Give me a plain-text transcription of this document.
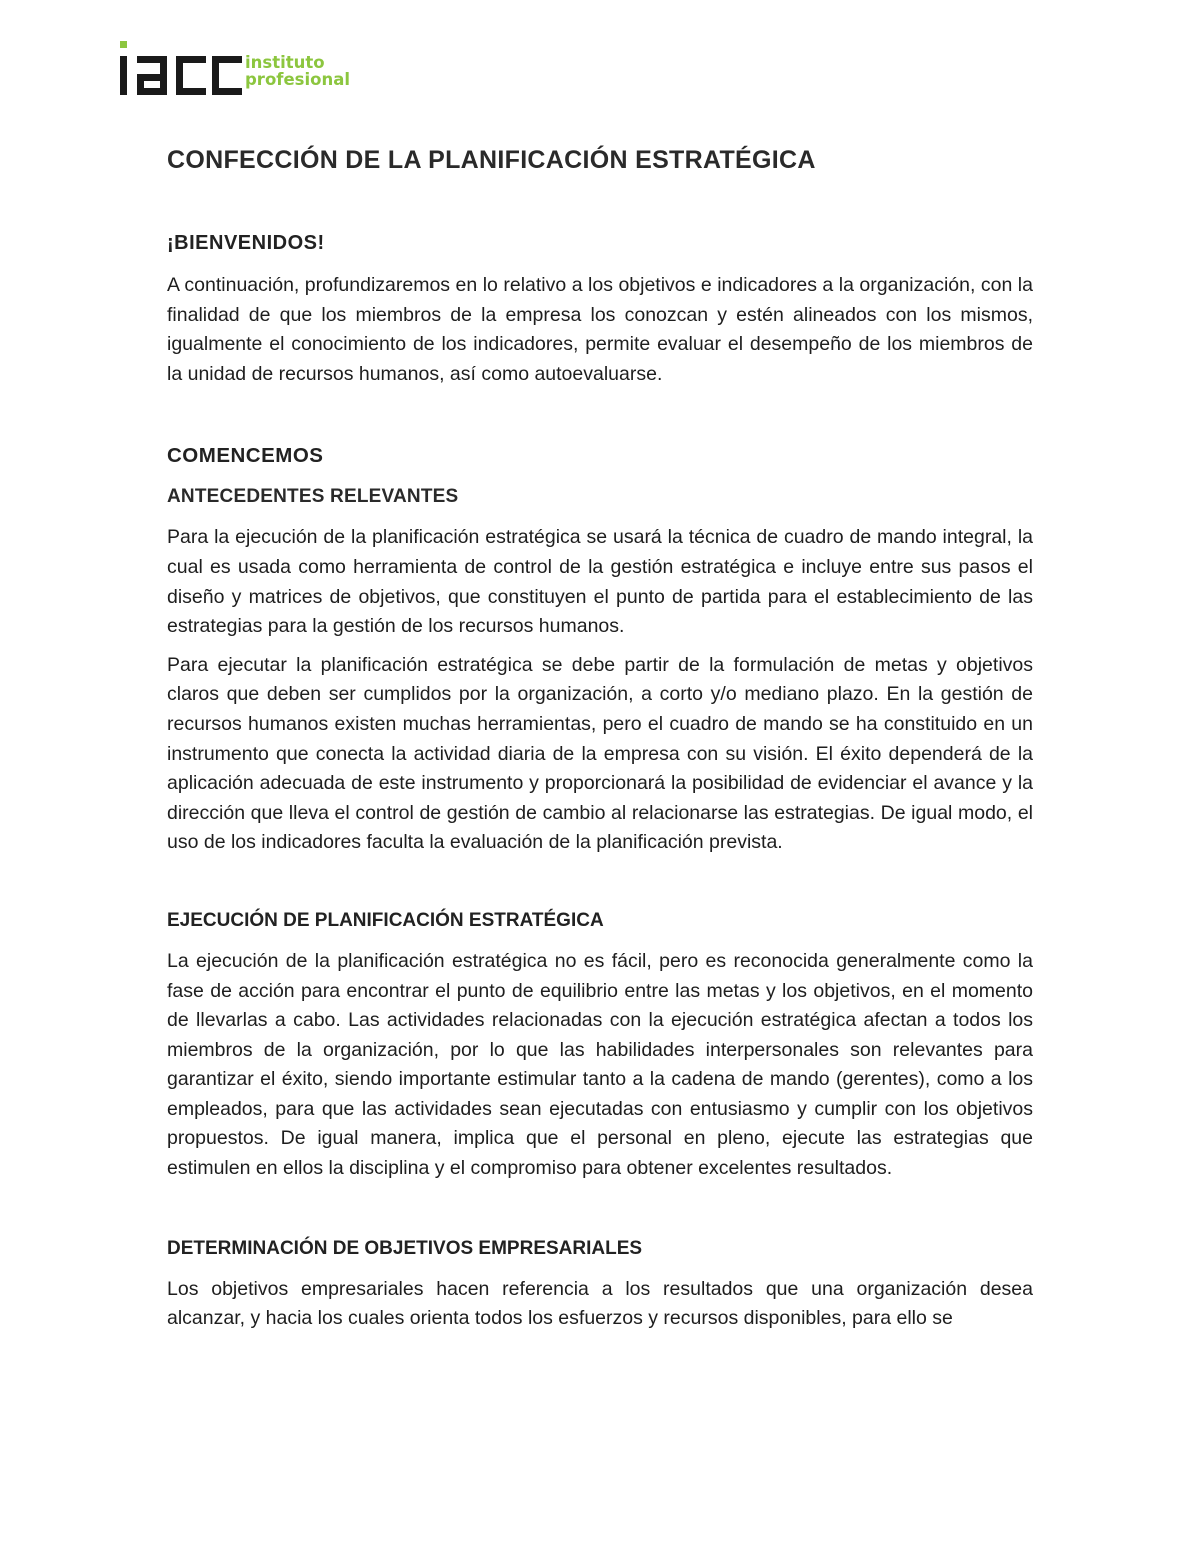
instituto
profesional
CONFECCIÓN DE LA PLANIFICACIÓN ESTRATÉGICA
¡BIENVENIDOS!

A continuación, profundizaremos en lo relativo a los objetivos e indicadores a la organización, con la finalidad de que los miembros de la empresa los conozcan y estén alineados con los mismos, igualmente el conocimiento de los indicadores, permite evaluar el desempeño de los miembros de la unidad de recursos humanos, así como autoevaluarse.

COMENCEMOS
ANTECEDENTES RELEVANTES

Para la ejecución de la planificación estratégica se usará la técnica de cuadro de mando integral, la cual es usada como herramienta de control de la gestión estratégica e incluye entre sus pasos el diseño y matrices de objetivos, que constituyen el punto de partida para el establecimiento de las estrategias para la gestión de los recursos humanos.

Para ejecutar la planificación estratégica se debe partir de la formulación de metas y objetivos claros que deben ser cumplidos por la organización, a corto y/o mediano plazo. En la gestión de recursos humanos existen muchas herramientas, pero el cuadro de mando se ha constituido en un instrumento que conecta la actividad diaria de la empresa con su visión. El éxito dependerá de la aplicación adecuada de este instrumento y proporcionará la posibilidad de evidenciar el avance y la dirección que lleva el control de gestión de cambio al relacionarse las estrategias. De igual modo, el uso de los indicadores faculta la evaluación de la planificación prevista.

EJECUCIÓN DE PLANIFICACIÓN ESTRATÉGICA

La ejecución de la planificación estratégica no es fácil, pero es reconocida generalmente como la fase de acción para encontrar el punto de equilibrio entre las metas y los objetivos, en el momento de llevarlas a cabo. Las actividades relacionadas con la ejecución estratégica afectan a todos los miembros de la organización, por lo que las habilidades interpersonales son relevantes para garantizar el éxito, siendo importante estimular tanto a la cadena de mando (gerentes), como a los empleados, para que las actividades sean ejecutadas con entusiasmo y cumplir con los objetivos propuestos. De igual manera, implica que el personal en pleno, ejecute las estrategias que estimulen en ellos la disciplina y el compromiso para obtener excelentes resultados.

DETERMINACIÓN DE OBJETIVOS EMPRESARIALES

Los objetivos empresariales hacen referencia a los resultados que una organización desea alcanzar, y hacia los cuales orienta todos los esfuerzos y recursos disponibles, para ello se
